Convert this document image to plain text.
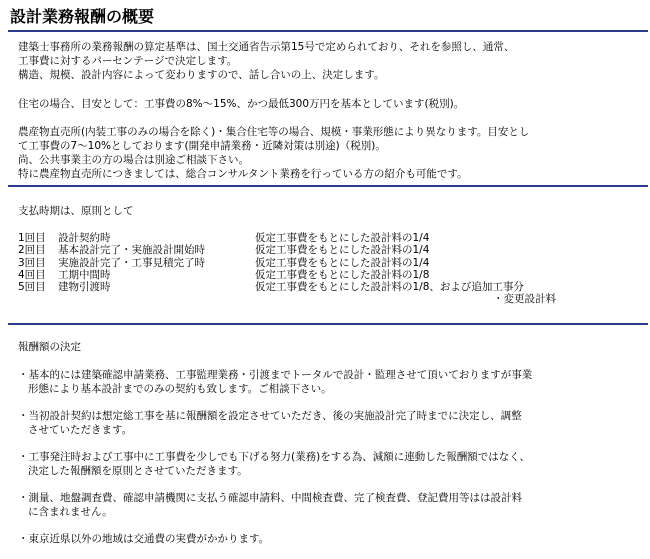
設計業務報酬の概要
建築士事務所の業務報酬の算定基準は、国土交通省告示第15号で定められており、それを参照し、通常、
工事費に対するパーセンテージで決定します。
構造、規模、設計内容によって変わりますので、話し合いの上、決定します。
住宅の場合、目安として：工事費の8%～15%、かつ最低300万円を基本としています(税別)。
農産物直売所(内装工事のみの場合を除く)・集合住宅等の場合、規模・事業形態により異なります。目安とし
て工事費の7～10%としております(開発申請業務・近隣対策は別途)（税別)。
尚、公共事業主の方の場合は別途ご相談下さい。
特に農産物直売所につきましては、総合コンサルタント業務を行っている方の紹介も可能です。
支払時期は、原則として
1回目 設計契約時	仮定工事費をもとにした設計料の1/4
2回目 基本設計完了・実施設計開始時	仮定工事費をもとにした設計料の1/4
3回目 実施設計完了・工事見積完了時	仮定工事費をもとにした設計料の1/4
4回目 工期中間時	仮定工事費をもとにした設計料の1/8
5回目 建物引渡時	仮定工事費をもとにした設計料の1/8、および追加工事分
・変更設計料
報酬額の決定
・基本的には建築確認申請業務、工事監理業務・引渡までトータルで設計・監理させて頂いておりますが事業
形態により基本設計までのみの契約も致します。ご相談下さい。
・当初設計契約は想定総工事を基に報酬額を設定させていただき、後の実施設計完了時までに決定し、調整
させていただきます。
・工事発注時および工事中に工事費を少しでも下げる努力(業務)をする為、減額に連動した報酬額ではなく、
決定した報酬額を原則とさせていただきます。
・測量、地盤調査費、確認申請機関に支払う確認申請料、中間検査費、完了検査費、登記費用等はは設計料
に含まれません。
・東京近県以外の地域は交通費の実費がかかります。
